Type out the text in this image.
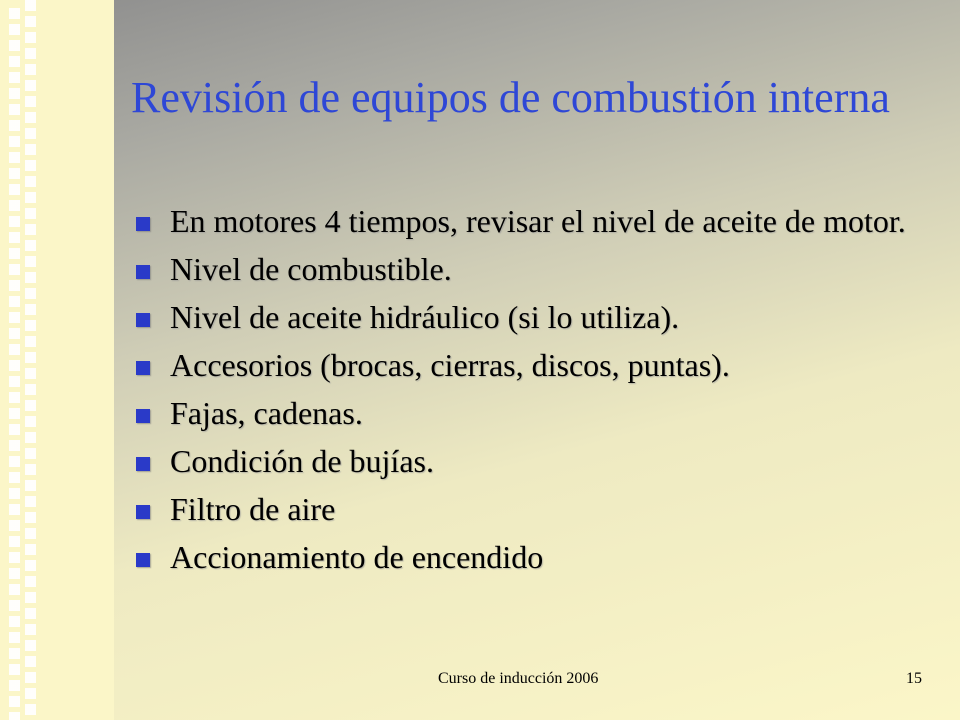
Revisión de equipos de combustión interna
En motores 4 tiempos, revisar el nivel de aceite de motor.
Nivel de combustible.
Nivel de aceite hidráulico (si lo utiliza).
Accesorios (brocas, cierras, discos, puntas).
Fajas, cadenas.
Condición de bujías.
Filtro de aire
Accionamiento de encendido
Curso de inducción 2006	15
